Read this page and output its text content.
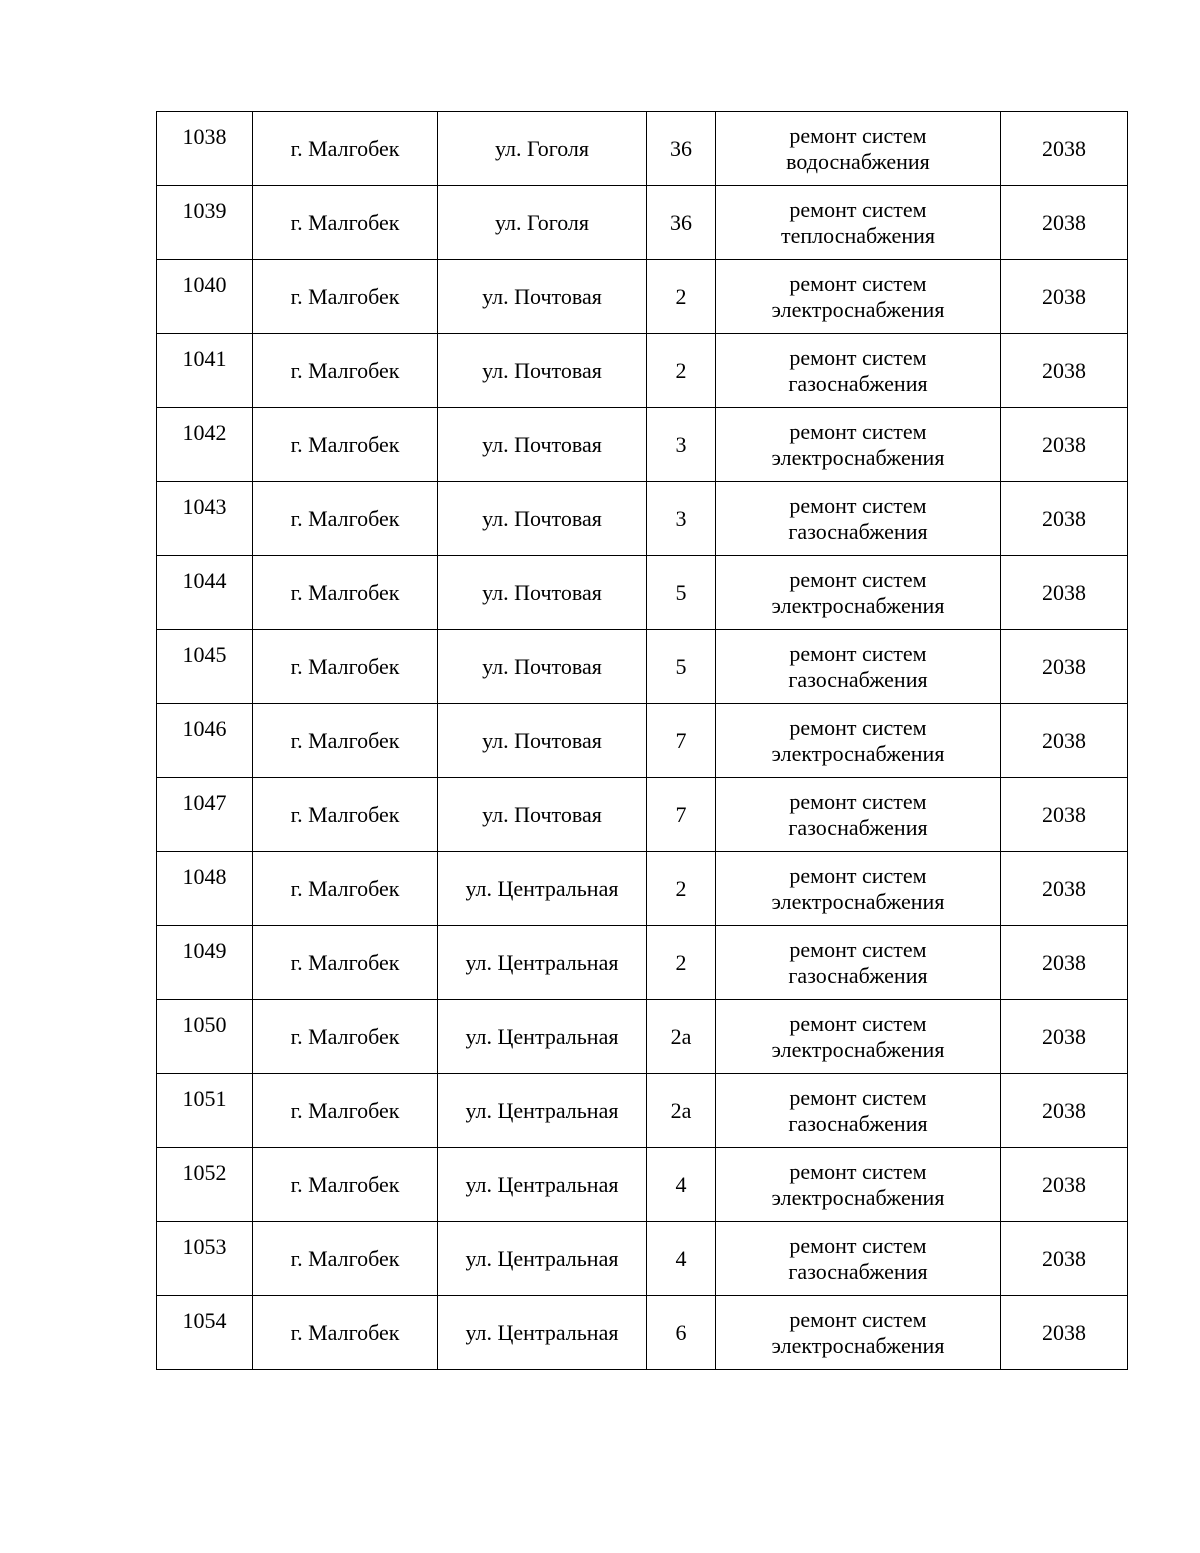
1038	г. Малгобек	ул. Гоголя	36	ремонт систем
водоснабжения	2038
1039	г. Малгобек	ул. Гоголя	36	ремонт систем
теплоснабжения	2038
1040	г. Малгобек	ул. Почтовая	2	ремонт систем
электроснабжения	2038
1041	г. Малгобек	ул. Почтовая	2	ремонт систем
газоснабжения	2038
1042	г. Малгобек	ул. Почтовая	3	ремонт систем
электроснабжения	2038
1043	г. Малгобек	ул. Почтовая	3	ремонт систем
газоснабжения	2038
1044	г. Малгобек	ул. Почтовая	5	ремонт систем
электроснабжения	2038
1045	г. Малгобек	ул. Почтовая	5	ремонт систем
газоснабжения	2038
1046	г. Малгобек	ул. Почтовая	7	ремонт систем
электроснабжения	2038
1047	г. Малгобек	ул. Почтовая	7	ремонт систем
газоснабжения	2038
1048	г. Малгобек	ул. Центральная	2	ремонт систем
электроснабжения	2038
1049	г. Малгобек	ул. Центральная	2	ремонт систем
газоснабжения	2038
1050	г. Малгобек	ул. Центральная	2а	ремонт систем
электроснабжения	2038
1051	г. Малгобек	ул. Центральная	2а	ремонт систем
газоснабжения	2038
1052	г. Малгобек	ул. Центральная	4	ремонт систем
электроснабжения	2038
1053	г. Малгобек	ул. Центральная	4	ремонт систем
газоснабжения	2038
1054	г. Малгобек	ул. Центральная	6	ремонт систем
электроснабжения	2038
